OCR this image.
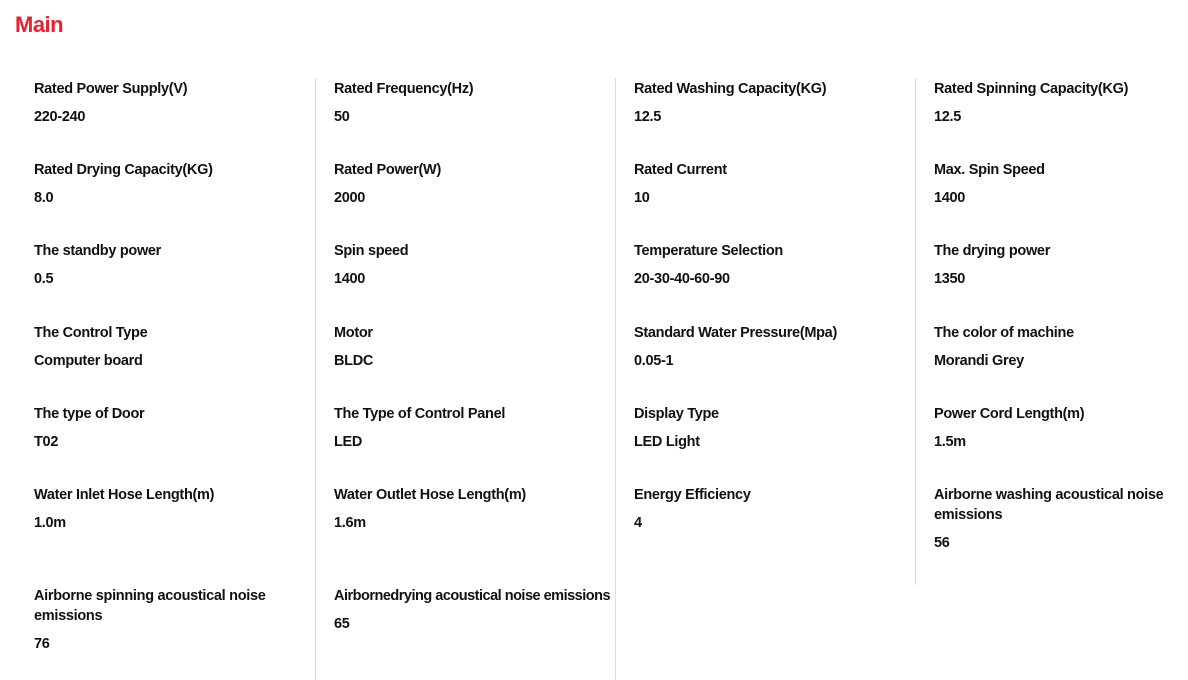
Main
Rated Power Supply(V)
220-240
Rated Drying Capacity(KG)
8.0
The standby power
0.5
The Control Type
Computer board
The type of Door
T02
Water Inlet Hose Length(m)
1.0m
Airborne spinning acoustical noise emissions
76
Rated Frequency(Hz)
50
Rated Power(W)
2000
Spin speed
1400
Motor
BLDC
The Type of Control Panel
LED
Water Outlet Hose Length(m)
1.6m
Airbornedrying acoustical noise emissions
65
Rated Washing Capacity(KG)
12.5
Rated Current
10
Temperature Selection
20-30-40-60-90
Standard Water Pressure(Mpa)
0.05-1
Display Type
LED Light
Energy Efficiency
4
Rated Spinning Capacity(KG)
12.5
Max. Spin Speed
1400
The drying power
1350
The color of machine
Morandi Grey
Power Cord Length(m)
1.5m
Airborne washing acoustical noise emissions
56
